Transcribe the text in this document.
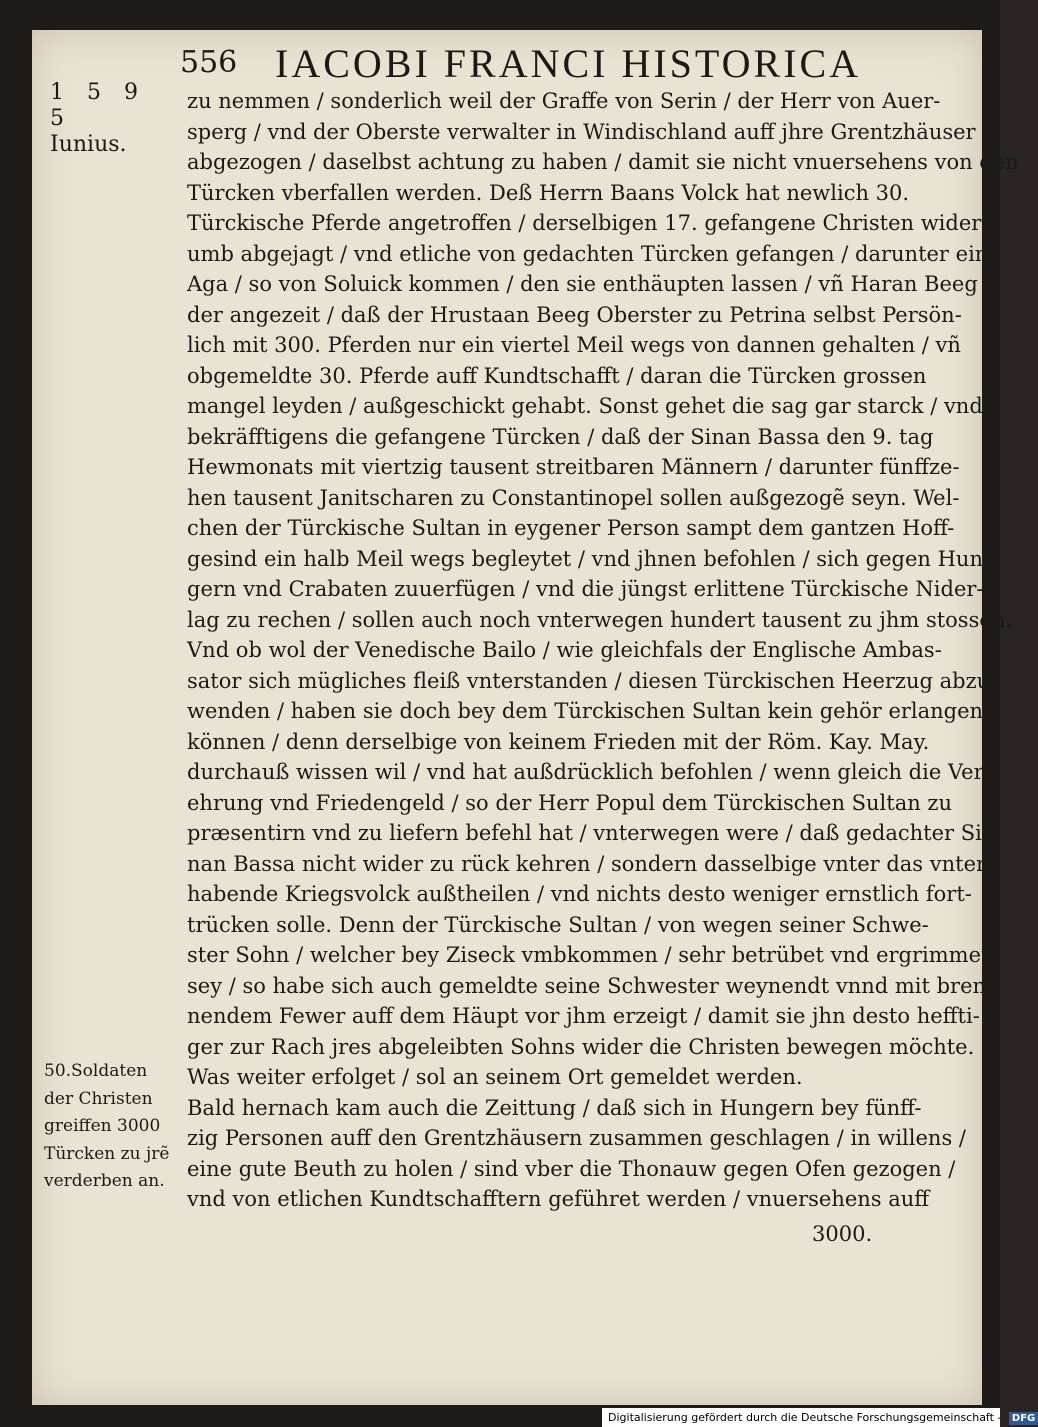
556 IACOBI FRANCI HISTORICA
1 5 9 5
Iunius.
50.Soldaten
der Christen
greiffen 3000
Türcken zu jrẽ
verderben an.
zu nemmen / sonderlich weil der Graffe von Serin / der Herr von Auer-
sperg / vnd der Oberste verwalter in Windischland auff jhre Grentzhäuser
abgezogen / daselbst achtung zu haben / damit sie nicht vnuersehens von den
Türcken vberfallen werden. Deß Herrn Baans Volck hat newlich 30.
Türckische Pferde angetroffen / derselbigen 17. gefangene Christen wider-
umb abgejagt / vnd etliche von gedachten Türcken gefangen / darunter ein
Aga / so von Soluick kommen / den sie enthäupten lassen / vñ Haran Beeg /
der angezeit / daß der Hrustaan Beeg Oberster zu Petrina selbst Persön-
lich mit 300. Pferden nur ein viertel Meil wegs von dannen gehalten / vñ
obgemeldte 30. Pferde auff Kundtschafft / daran die Türcken grossen
mangel leyden / außgeschickt gehabt. Sonst gehet die sag gar starck / vnd
bekräfftigens die gefangene Türcken / daß der Sinan Bassa den 9. tag
Hewmonats mit viertzig tausent streitbaren Männern / darunter fünffze-
hen tausent Janitscharen zu Constantinopel sollen außgezogẽ seyn. Wel-
chen der Türckische Sultan in eygener Person sampt dem gantzen Hoff-
gesind ein halb Meil wegs begleytet / vnd jhnen befohlen / sich gegen Hun-
gern vnd Crabaten zuuerfügen / vnd die jüngst erlittene Türckische Nider-
lag zu rechen / sollen auch noch vnterwegen hundert tausent zu jhm stossen.
Vnd ob wol der Venedische Bailo / wie gleichfals der Englische Ambas-
sator sich mügliches fleiß vnterstanden / diesen Türckischen Heerzug abzu-
wenden / haben sie doch bey dem Türckischen Sultan kein gehör erlangen
können / denn derselbige von keinem Frieden mit der Röm. Kay. May.
durchauß wissen wil / vnd hat außdrücklich befohlen / wenn gleich die Ver-
ehrung vnd Friedengeld / so der Herr Popul dem Türckischen Sultan zu
præsentirn vnd zu liefern befehl hat / vnterwegen were / daß gedachter Si-
nan Bassa nicht wider zu rück kehren / sondern dasselbige vnter das vnter-
habende Kriegsvolck außtheilen / vnd nichts desto weniger ernstlich fort-
trücken solle. Denn der Türckische Sultan / von wegen seiner Schwe-
ster Sohn / welcher bey Ziseck vmbkommen / sehr betrübet vnd ergrimmet
sey / so habe sich auch gemeldte seine Schwester weynendt vnnd mit bren-
nendem Fewer auff dem Häupt vor jhm erzeigt / damit sie jhn desto heffti-
ger zur Rach jres abgeleibten Sohns wider die Christen bewegen möchte.
Was weiter erfolget / sol an seinem Ort gemeldet werden.
Bald hernach kam auch die Zeittung / daß sich in Hungern bey fünff-
zig Personen auff den Grentzhäusern zusammen geschlagen / in willens /
eine gute Beuth zu holen / sind vber die Thonauw gegen Ofen gezogen /
vnd von etlichen Kundtschafftern geführet werden / vnuersehens auff
3000.
Digitalisierung gefördert durch die Deutsche Forschungsgemeinschaft - DFG
